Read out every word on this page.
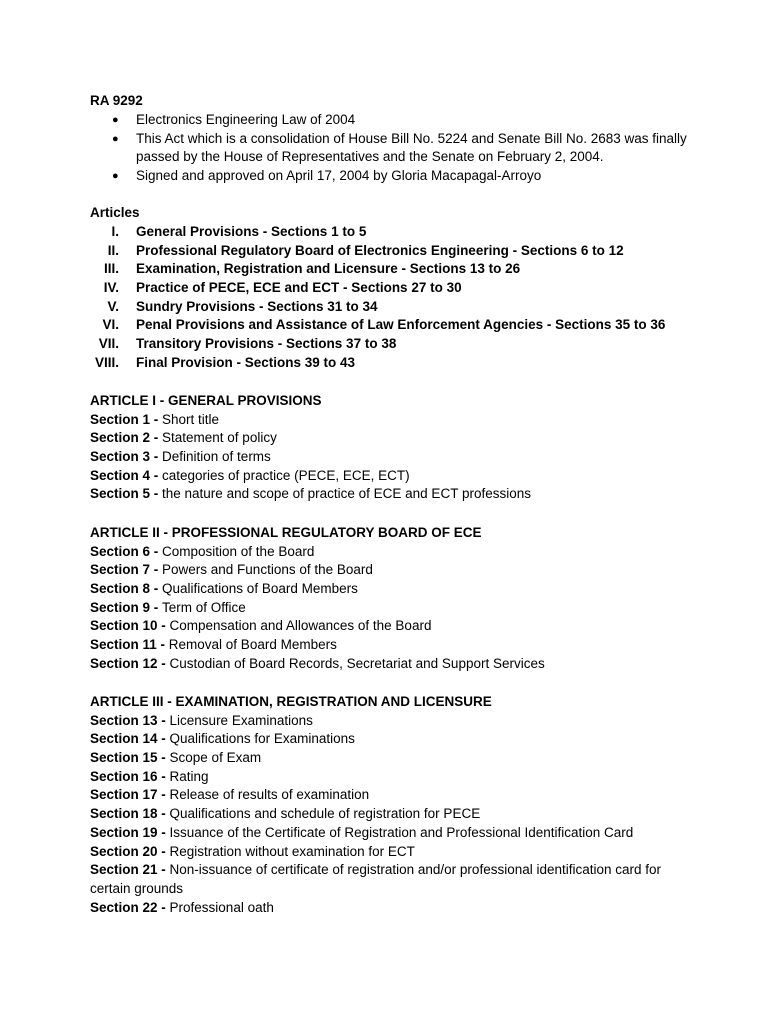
RA 9292
● Electronics Engineering Law of 2004
● This Act which is a consolidation of House Bill No. 5224 and Senate Bill No. 2683 was finally passed by the House of Representatives and the Senate on February 2, 2004.
● Signed and approved on April 17, 2004 by Gloria Macapagal-Arroyo
Articles
I. General Provisions - Sections 1 to 5
II. Professional Regulatory Board of Electronics Engineering - Sections 6 to 12
III. Examination, Registration and Licensure - Sections 13 to 26
IV. Practice of PECE, ECE and ECT - Sections 27 to 30
V. Sundry Provisions - Sections 31 to 34
VI. Penal Provisions and Assistance of Law Enforcement Agencies - Sections 35 to 36
VII. Transitory Provisions - Sections 37 to 38
VIII. Final Provision - Sections 39 to 43
ARTICLE I - GENERAL PROVISIONS
Section 1 - Short title
Section 2 - Statement of policy
Section 3 - Definition of terms
Section 4 - categories of practice (PECE, ECE, ECT)
Section 5 - the nature and scope of practice of ECE and ECT professions
ARTICLE II - PROFESSIONAL REGULATORY BOARD OF ECE
Section 6 - Composition of the Board
Section 7 - Powers and Functions of the Board
Section 8 - Qualifications of Board Members
Section 9 - Term of Office
Section 10 - Compensation and Allowances of the Board
Section 11 - Removal of Board Members
Section 12 - Custodian of Board Records, Secretariat and Support Services
ARTICLE III - EXAMINATION, REGISTRATION AND LICENSURE
Section 13 - Licensure Examinations
Section 14 - Qualifications for Examinations
Section 15 - Scope of Exam
Section 16 - Rating
Section 17 - Release of results of examination
Section 18 - Qualifications and schedule of registration for PECE
Section 19 - Issuance of the Certificate of Registration and Professional Identification Card
Section 20 - Registration without examination for ECT
Section 21 - Non-issuance of certificate of registration and/or professional identification card for certain grounds
Section 22 - Professional oath
